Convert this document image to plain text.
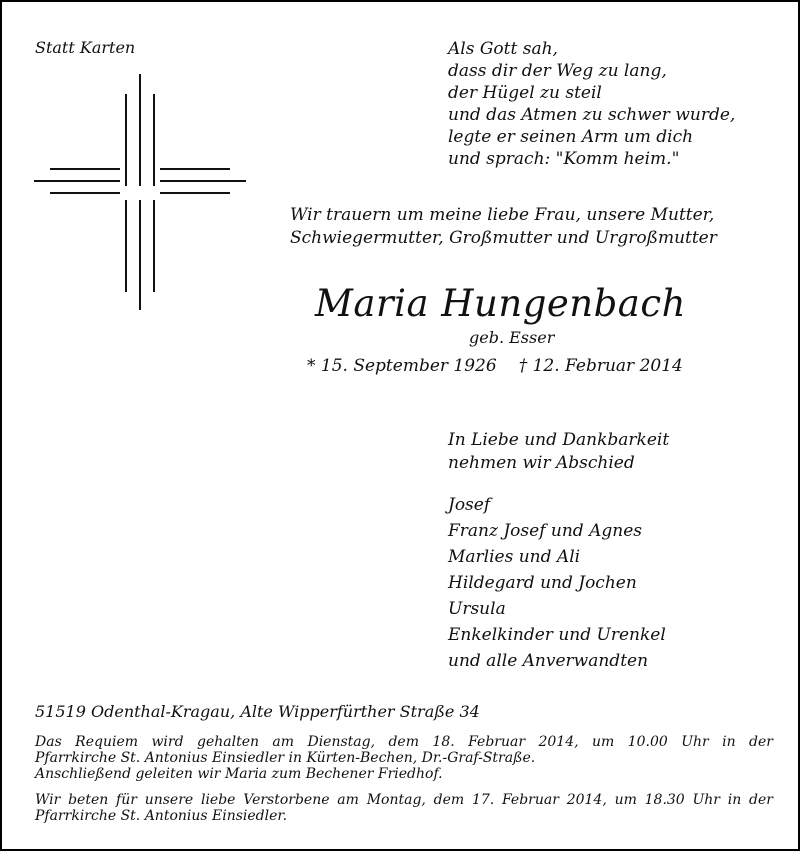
Statt Karten	Als Gott sah,
dass dir der Weg zu lang,
der Hügel zu steil
und das Atmen zu schwer wurde,
legte er seinen Arm um dich
und sprach: "Komm heim."
Wir trauern um meine liebe Frau, unsere Mutter,
Schwiegermutter, Großmutter und Urgroßmutter
Maria Hungenbach
geb. Esser
* 15. September 1926 † 12. Februar 2014
In Liebe und Dankbarkeit
nehmen wir Abschied
Josef
Franz Josef und Agnes
Marlies und Ali
Hildegard und Jochen
Ursula
Enkelkinder und Urenkel
und alle Anverwandten
51519 Odenthal-Kragau, Alte Wipperfürther Straße 34
Das Requiem wird gehalten am Dienstag, dem 18. Februar 2014, um 10.00 Uhr in der
Pfarrkirche St. Antonius Einsiedler in Kürten-Bechen, Dr.-Graf-Straße.
Anschließend geleiten wir Maria zum Bechener Friedhof.
Wir beten für unsere liebe Verstorbene am Montag, dem 17. Februar 2014, um 18.30 Uhr in der
Pfarrkirche St. Antonius Einsiedler.
